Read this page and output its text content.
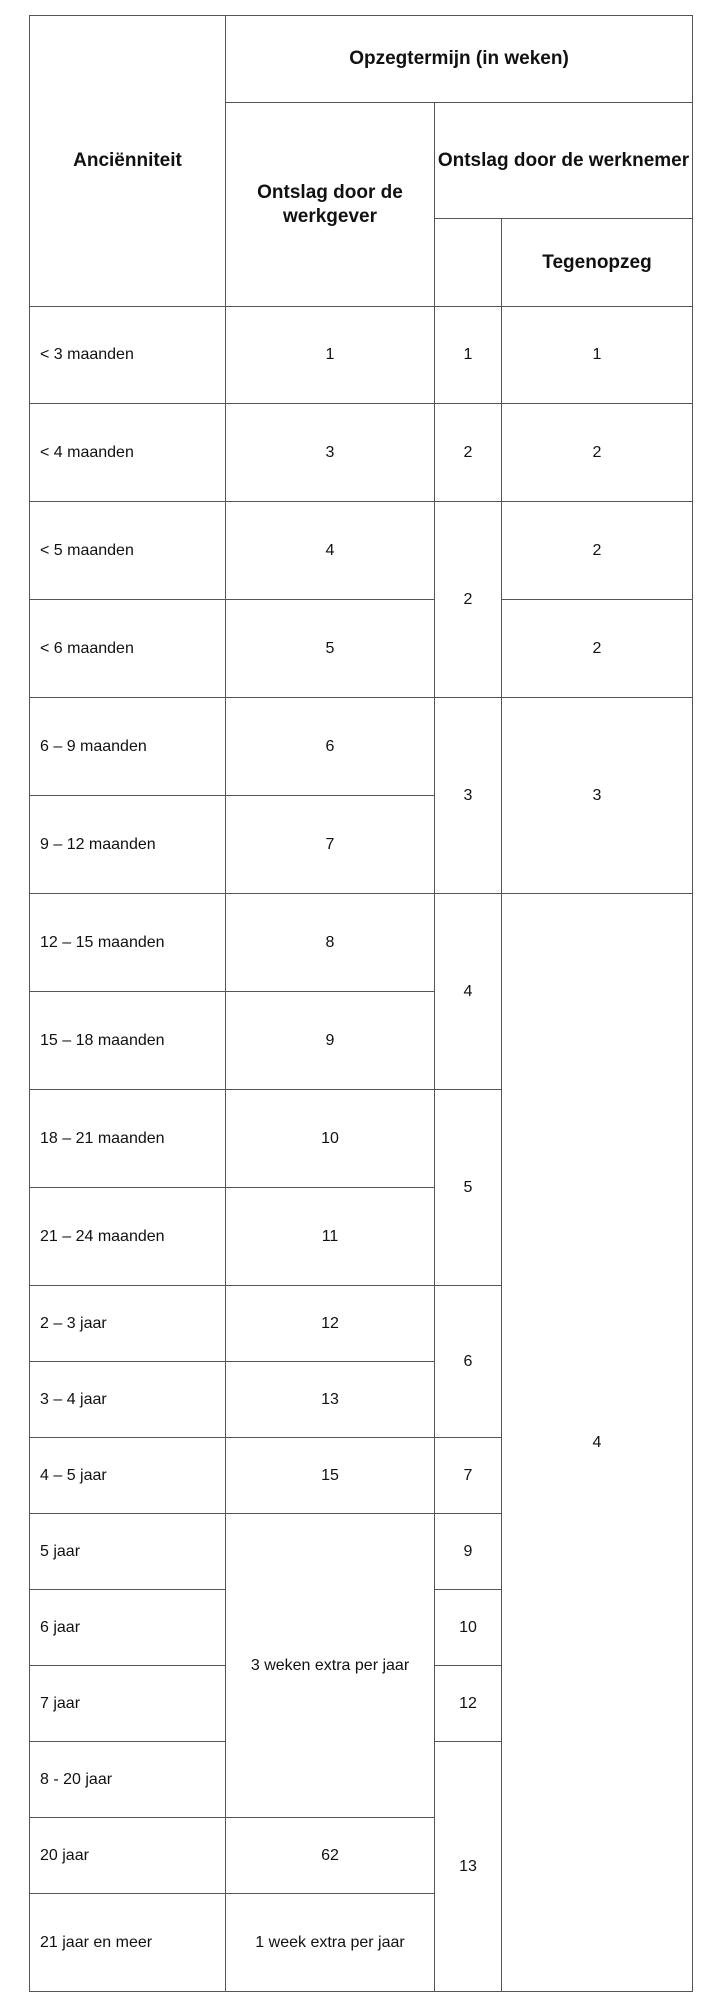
Anciënniteit	Opzegtermijn (in weken)		
	Ontslag door de werkgever	Ontslag door de werknemer	
			Tegenopzeg
< 3 maanden	1	1	1
< 4 maanden	3	2	2
< 5 maanden	4	2	2
< 6 maanden	5		2
6 – 9 maanden	6	3	3
9 – 12 maanden	7		
12 – 15 maanden	8	4	4
15 – 18 maanden	9		
18 – 21 maanden	10	5	
21 – 24 maanden	11		
2 – 3 jaar	12	6	
3 – 4 jaar	13		
4 – 5 jaar	15	7	
5 jaar	3 weken extra per jaar	9	
6 jaar		10	
7 jaar		12	
8 - 20 jaar		13	
20 jaar	62		
21 jaar en meer	1 week extra per jaar		
